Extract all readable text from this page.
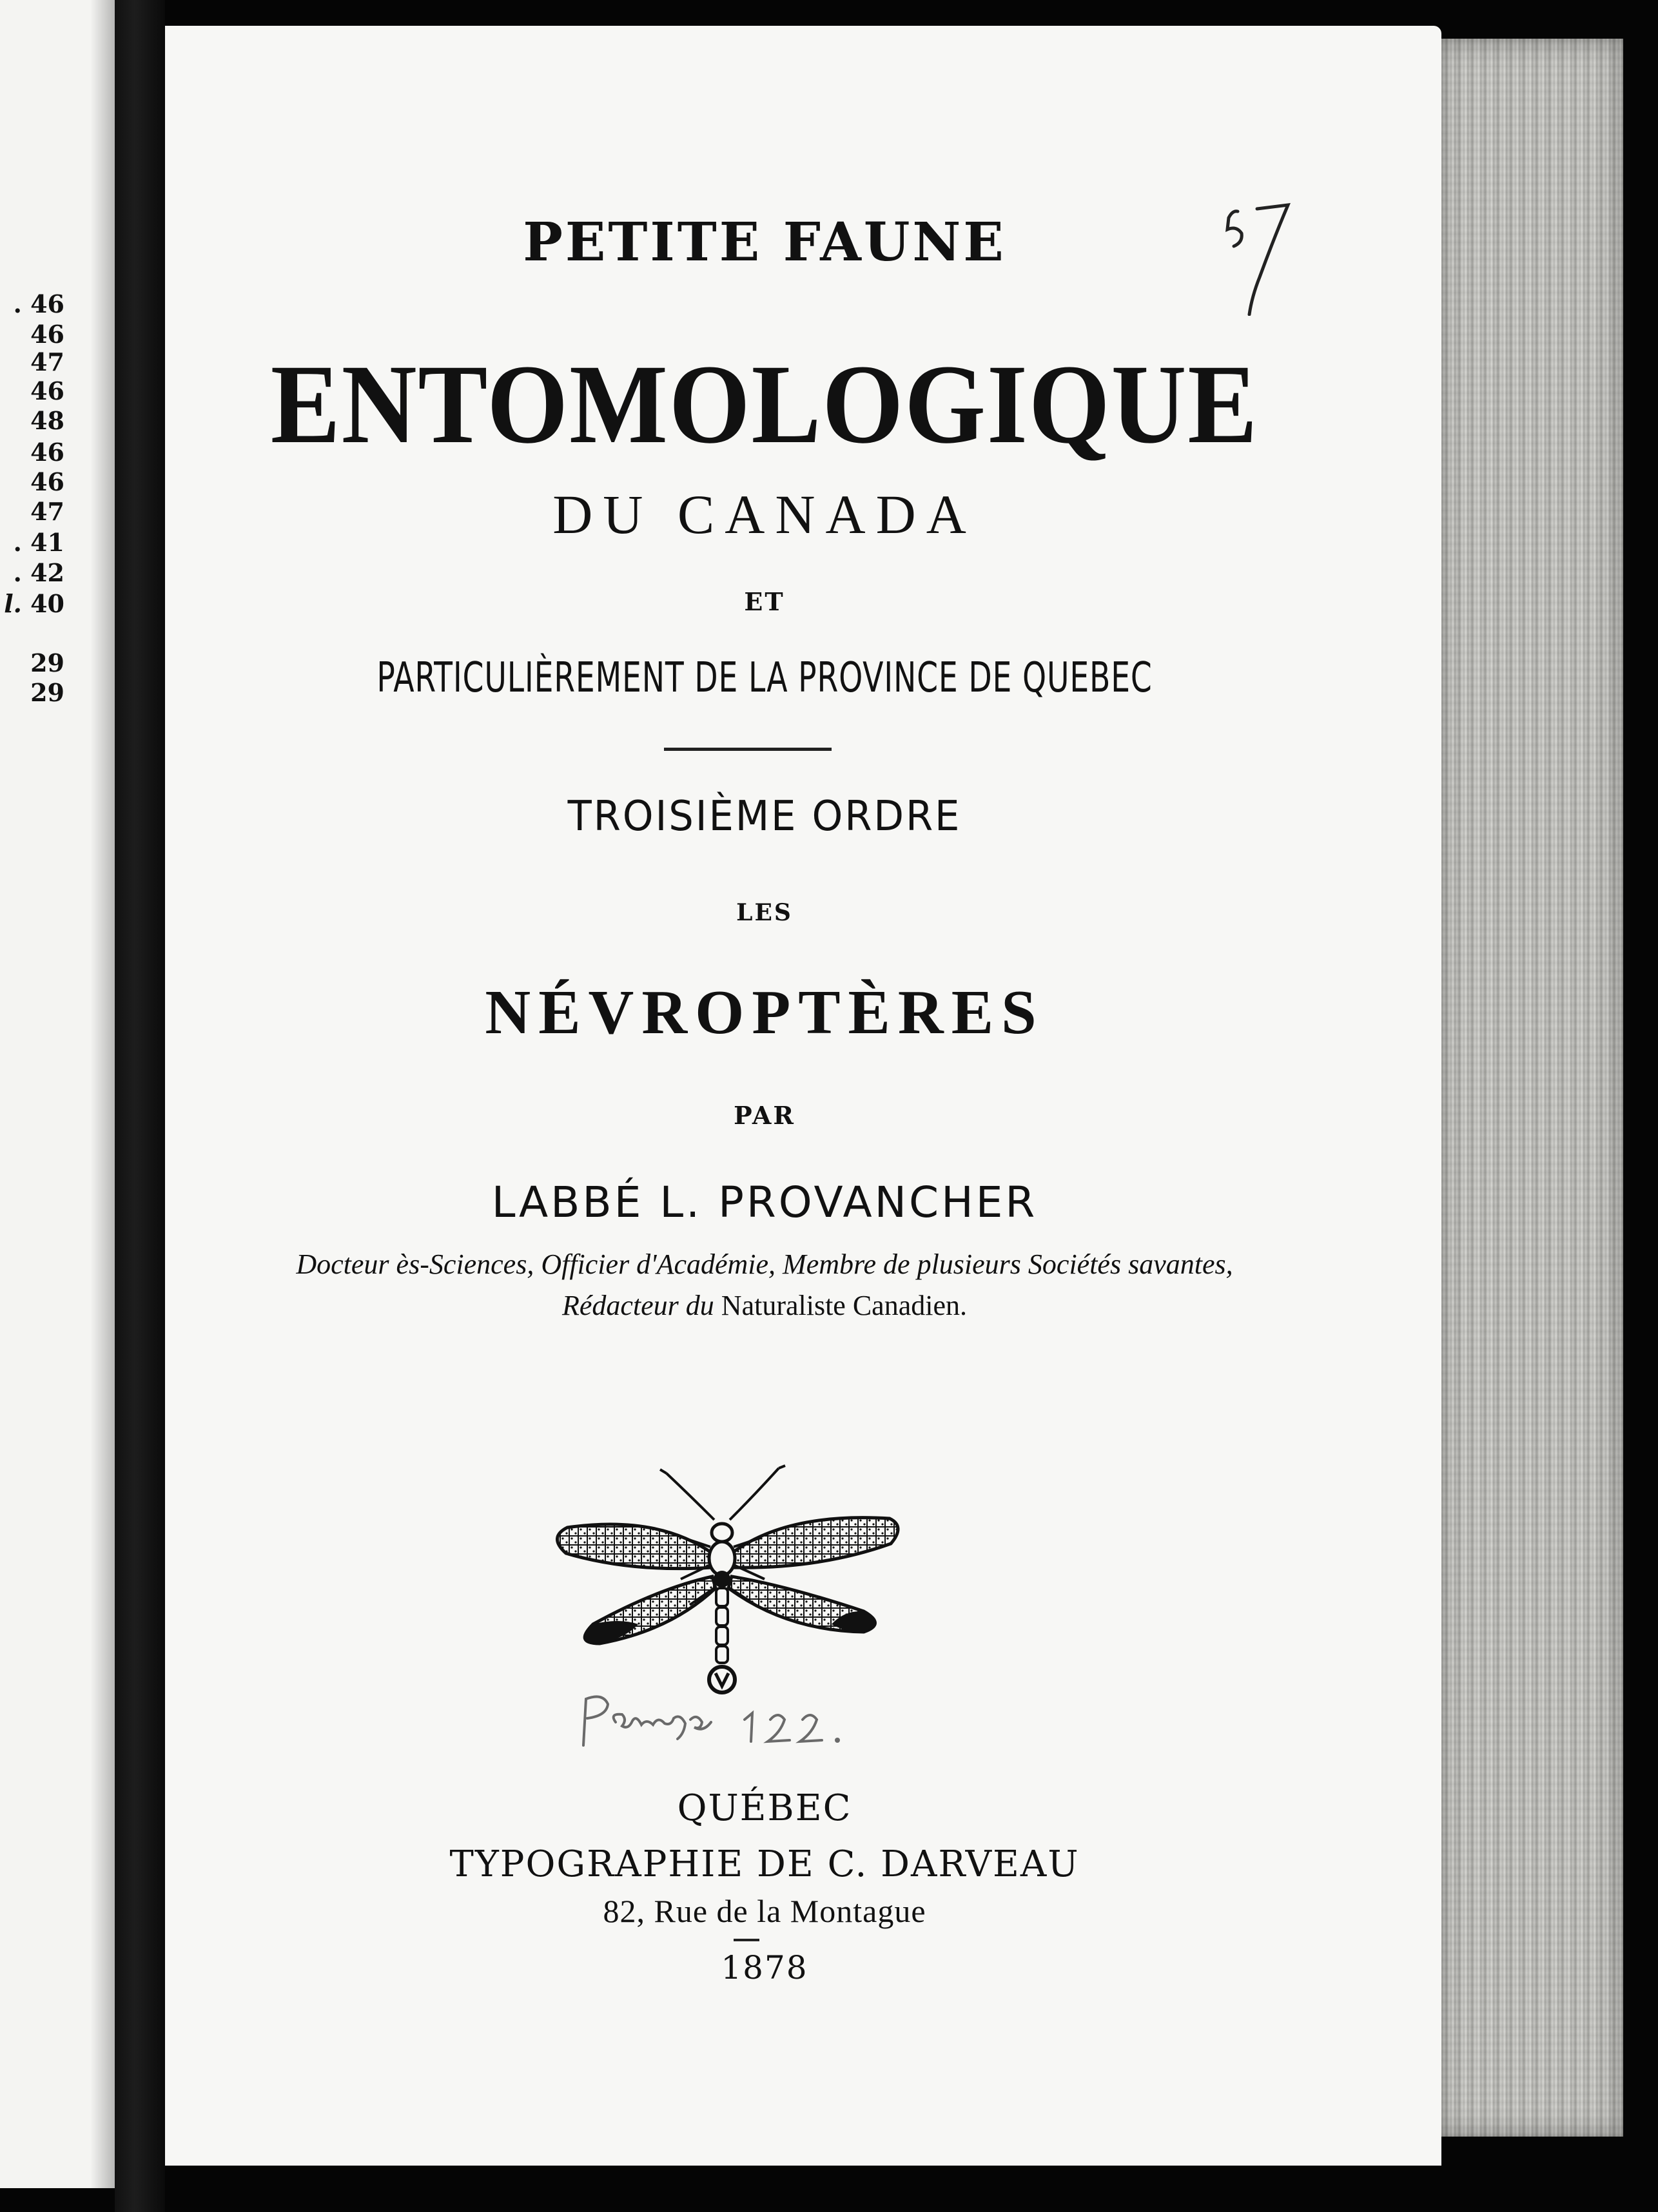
. 46
46
47
46
48
46
46
47
. 41
. 42
l. 40
29
29
PETITE FAUNE
ENTOMOLOGIQUE
DU CANADA
ET
PARTICULIÈREMENT DE LA PROVINCE DE QUEBEC
TROISIÈME ORDRE
LES
NÉVROPTÈRES
PAR
LABBÉ L. PROVANCHER
Docteur ès-Sciences, Officier d'Académie, Membre de plusieurs Sociétés savantes,
Rédacteur du Naturaliste Canadien.
QUÉBEC
TYPOGRAPHIE DE C. DARVEAU
82, Rue de la Montague
1878
